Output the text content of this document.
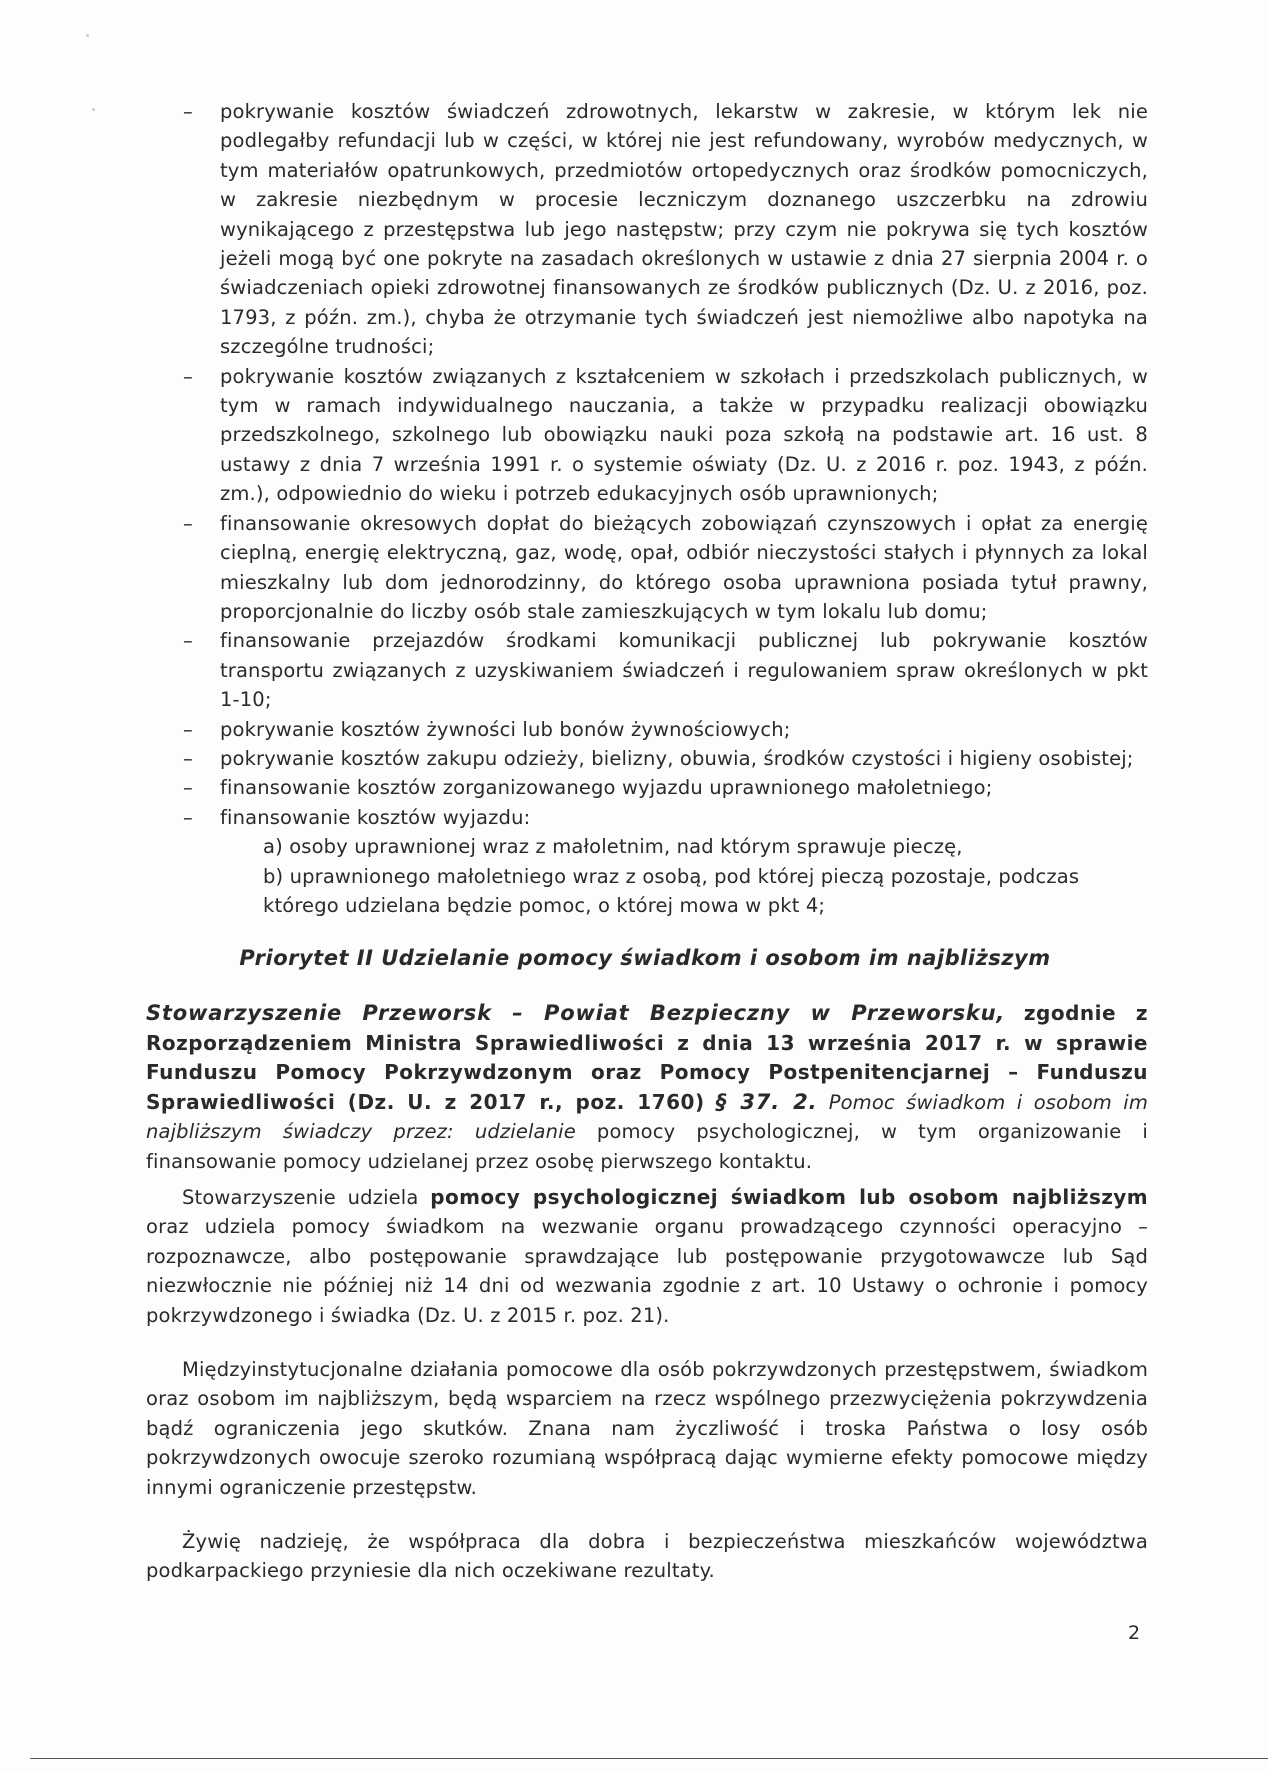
–	pokrywanie kosztów świadczeń zdrowotnych, lekarstw w zakresie, w którym lek nie podlegałby refundacji lub w części, w której nie jest refundowany, wyrobów medycznych, w tym materiałów opatrunkowych, przedmiotów ortopedycznych oraz środków pomocniczych, w zakresie niezbędnym w procesie leczniczym doznanego uszczerbku na zdrowiu wynikającego z przestępstwa lub jego następstw; przy czym nie pokrywa się tych kosztów jeżeli mogą być one pokryte na zasadach określonych w ustawie z dnia 27 sierpnia 2004 r. o świadczeniach opieki zdrowotnej finansowanych ze środków publicznych (Dz. U. z 2016, poz. 1793, z późn. zm.), chyba że otrzymanie tych świadczeń jest niemożliwe albo napotyka na szczególne trudności;
–	pokrywanie kosztów związanych z kształceniem w szkołach i przedszkolach publicznych, w tym w ramach indywidualnego nauczania, a także w przypadku realizacji obowiązku przedszkolnego, szkolnego lub obowiązku nauki poza szkołą na podstawie art. 16 ust. 8 ustawy z dnia 7 września 1991 r. o systemie oświaty (Dz. U. z 2016 r. poz. 1943, z późn. zm.), odpowiednio do wieku i potrzeb edukacyjnych osób uprawnionych;
–	finansowanie okresowych dopłat do bieżących zobowiązań czynszowych i opłat za energię cieplną, energię elektryczną, gaz, wodę, opał, odbiór nieczystości stałych i płynnych za lokal mieszkalny lub dom jednorodzinny, do którego osoba uprawniona posiada tytuł prawny, proporcjonalnie do liczby osób stale zamieszkujących w tym lokalu lub domu;
–	finansowanie przejazdów środkami komunikacji publicznej lub pokrywanie kosztów transportu związanych z uzyskiwaniem świadczeń i regulowaniem spraw określonych w pkt 1-10;
–	pokrywanie kosztów żywności lub bonów żywnościowych;
–	pokrywanie kosztów zakupu odzieży, bielizny, obuwia, środków czystości i higieny osobistej;
–	finansowanie kosztów zorganizowanego wyjazdu uprawnionego małoletniego;
–	finansowanie kosztów wyjazdu:
a) osoby uprawnionej wraz z małoletnim, nad którym sprawuje pieczę,
b) uprawnionego małoletniego wraz z osobą, pod której pieczą pozostaje, podczas
którego udzielana będzie pomoc, o której mowa w pkt 4;
Priorytet II Udzielanie pomocy świadkom i osobom im najbliższym

Stowarzyszenie Przeworsk – Powiat Bezpieczny w Przeworsku, zgodnie z Rozporządzeniem Ministra Sprawiedliwości z dnia 13 września 2017 r. w sprawie Funduszu Pomocy Pokrzywdzonym oraz Pomocy Postpenitencjarnej – Funduszu Sprawiedliwości (Dz. U. z 2017 r., poz. 1760) § 37. 2. Pomoc świadkom i osobom im najbliższym świadczy przez: udzielanie pomocy psychologicznej, w tym organizowanie i finansowanie pomocy udzielanej przez osobę pierwszego kontaktu.

Stowarzyszenie udziela pomocy psychologicznej świadkom lub osobom najbliższym oraz udziela pomocy świadkom na wezwanie organu prowadzącego czynności operacyjno – rozpoznawcze, albo postępowanie sprawdzające lub postępowanie przygotowawcze lub Sąd niezwłocznie nie później niż 14 dni od wezwania zgodnie z art. 10 Ustawy o ochronie i pomocy pokrzywdzonego i świadka (Dz. U. z 2015 r. poz. 21).

Międzyinstytucjonalne działania pomocowe dla osób pokrzywdzonych przestępstwem, świadkom oraz osobom im najbliższym, będą wsparciem na rzecz wspólnego przezwyciężenia pokrzywdzenia bądź ograniczenia jego skutków. Znana nam życzliwość i troska Państwa o losy osób pokrzywdzonych owocuje szeroko rozumianą współpracą dając wymierne efekty pomocowe między innymi ograniczenie przestępstw.

Żywię nadzieję, że współpraca dla dobra i bezpieczeństwa mieszkańców województwa podkarpackiego przyniesie dla nich oczekiwane rezultaty.

2
